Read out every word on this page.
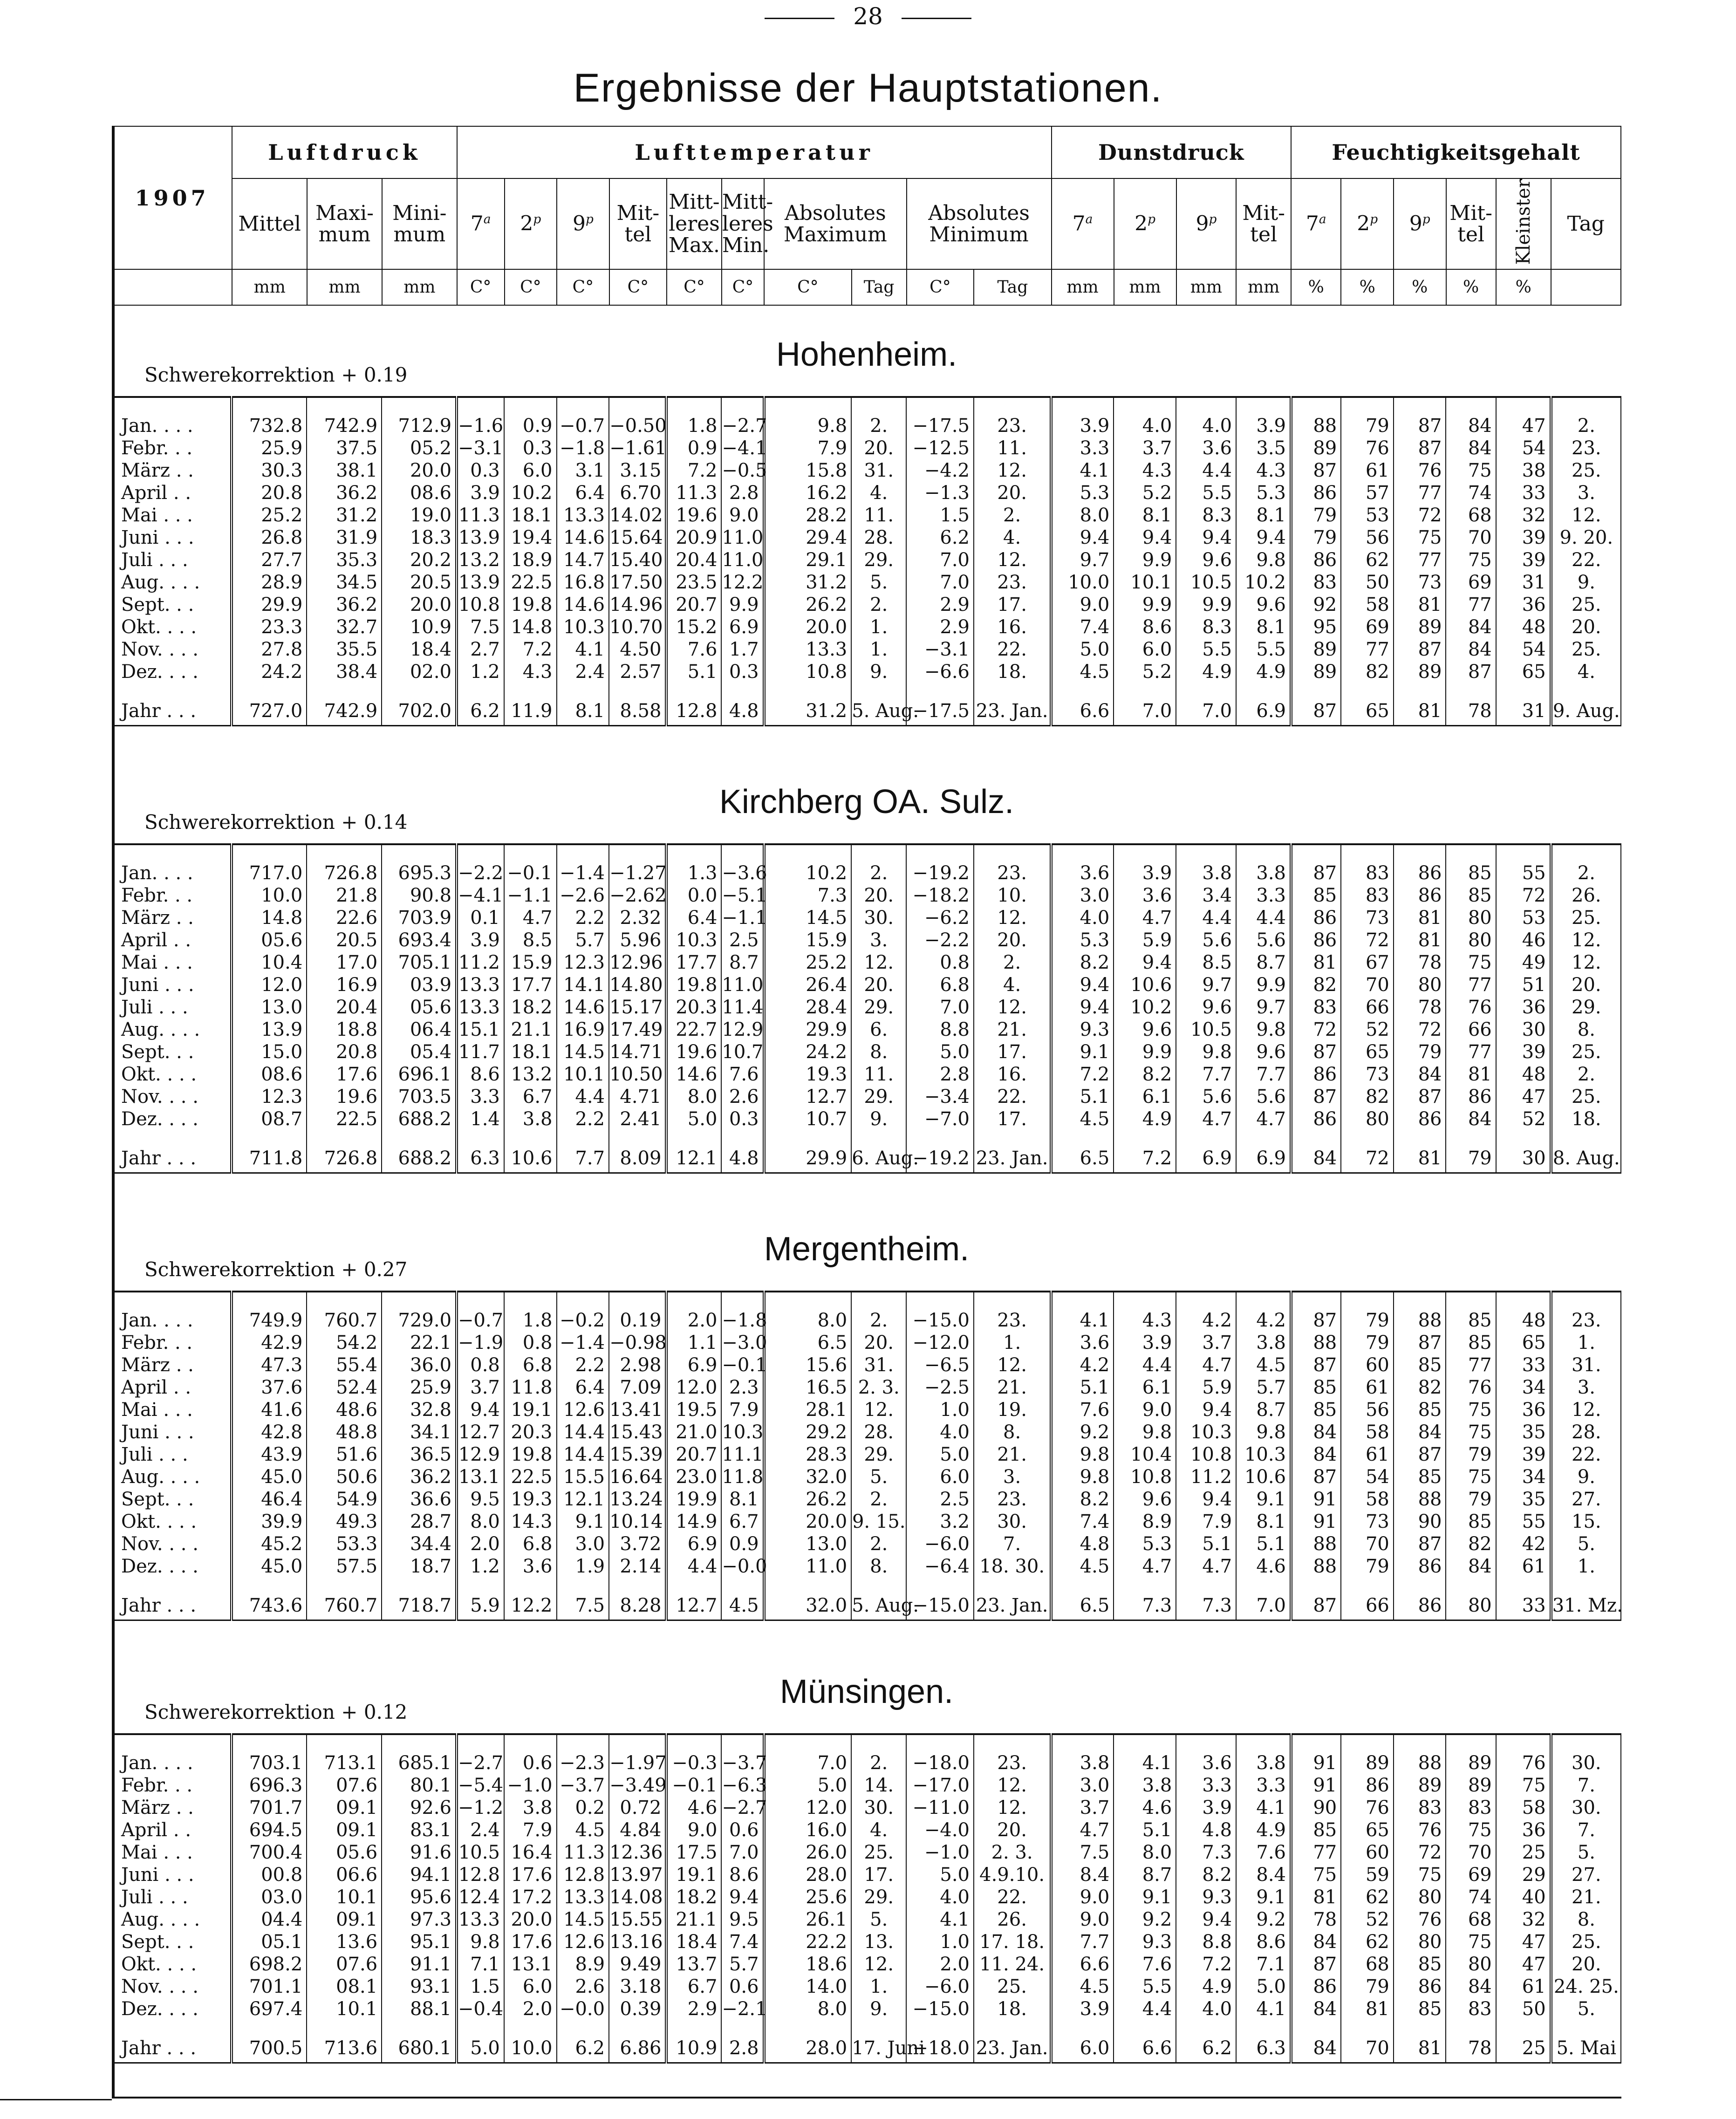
28
Ergebnisse der Hauptstationen.
1907	Luftdruck			Lufttemperatur										Dunstdruck				Feuchtigkeitsgehalt					
	Mittel	Maxi-mum	Mini-mum	7$^a$	2$^p$	9$^p$	Mit-tel	Mitt-leres Max.	Mitt-leres Min.	Absolutes Maximum		Absolutes Minimum		7$^a$	2$^p$	9$^p$	Mit-tel	7$^a$	2$^p$	9$^p$	Mit-tel	Kleinster	Tag
	mm	mm	mm	C°	C°	C°	C°	C°	C°	C°	Tag	C°	Tag	mm	mm	mm	mm	%	%	%	%	%	
Hohenheim.
Schwerekorrektion + 0.19

Jan. . . .	732.8	742.9	712.9	−1.6	0.9	−0.7	−0.50	1.8	−2.7	9.8	2.	−17.5	23.	3.9	4.0	4.0	3.9	88	79	87	84	47	2.
Febr. . .	25.9	37.5	05.2	−3.1	0.3	−1.8	−1.61	0.9	−4.1	7.9	20.	−12.5	11.	3.3	3.7	3.6	3.5	89	76	87	84	54	23.
März . .	30.3	38.1	20.0	0.3	6.0	3.1	3.15	7.2	−0.5	15.8	31.	−4.2	12.	4.1	4.3	4.4	4.3	87	61	76	75	38	25.
April . .	20.8	36.2	08.6	3.9	10.2	6.4	6.70	11.3	2.8	16.2	4.	−1.3	20.	5.3	5.2	5.5	5.3	86	57	77	74	33	3.
Mai . . .	25.2	31.2	19.0	11.3	18.1	13.3	14.02	19.6	9.0	28.2	11.	1.5	2.	8.0	8.1	8.3	8.1	79	53	72	68	32	12.
Juni . . .	26.8	31.9	18.3	13.9	19.4	14.6	15.64	20.9	11.0	29.4	28.	6.2	4.	9.4	9.4	9.4	9.4	79	56	75	70	39	9. 20.
Juli . . .	27.7	35.3	20.2	13.2	18.9	14.7	15.40	20.4	11.0	29.1	29.	7.0	12.	9.7	9.9	9.6	9.8	86	62	77	75	39	22.
Aug. . . .	28.9	34.5	20.5	13.9	22.5	16.8	17.50	23.5	12.2	31.2	5.	7.0	23.	10.0	10.1	10.5	10.2	83	50	73	69	31	9.
Sept. . .	29.9	36.2	20.0	10.8	19.8	14.6	14.96	20.7	9.9	26.2	2.	2.9	17.	9.0	9.9	9.9	9.6	92	58	81	77	36	25.
Okt. . . .	23.3	32.7	10.9	7.5	14.8	10.3	10.70	15.2	6.9	20.0	1.	2.9	16.	7.4	8.6	8.3	8.1	95	69	89	84	48	20.
Nov. . . .	27.8	35.5	18.4	2.7	7.2	4.1	4.50	7.6	1.7	13.3	1.	−3.1	22.	5.0	6.0	5.5	5.5	89	77	87	84	54	25.
Dez. . . .	24.2	38.4	02.0	1.2	4.3	2.4	2.57	5.1	0.3	10.8	9.	−6.6	18.	4.5	5.2	4.9	4.9	89	82	89	87	65	4.

Jahr . . .	727.0	742.9	702.0	6.2	11.9	8.1	8.58	12.8	4.8	31.2	5. Aug.	−17.5	23. Jan.	6.6	7.0	7.0	6.9	87	65	81	78	31	9. Aug.
Kirchberg OA. Sulz.
Schwerekorrektion + 0.14

Jan. . . .	717.0	726.8	695.3	−2.2	−0.1	−1.4	−1.27	1.3	−3.6	10.2	2.	−19.2	23.	3.6	3.9	3.8	3.8	87	83	86	85	55	2.
Febr. . .	10.0	21.8	90.8	−4.1	−1.1	−2.6	−2.62	0.0	−5.1	7.3	20.	−18.2	10.	3.0	3.6	3.4	3.3	85	83	86	85	72	26.
März . .	14.8	22.6	703.9	0.1	4.7	2.2	2.32	6.4	−1.1	14.5	30.	−6.2	12.	4.0	4.7	4.4	4.4	86	73	81	80	53	25.
April . .	05.6	20.5	693.4	3.9	8.5	5.7	5.96	10.3	2.5	15.9	3.	−2.2	20.	5.3	5.9	5.6	5.6	86	72	81	80	46	12.
Mai . . .	10.4	17.0	705.1	11.2	15.9	12.3	12.96	17.7	8.7	25.2	12.	0.8	2.	8.2	9.4	8.5	8.7	81	67	78	75	49	12.
Juni . . .	12.0	16.9	03.9	13.3	17.7	14.1	14.80	19.8	11.0	26.4	20.	6.8	4.	9.4	10.6	9.7	9.9	82	70	80	77	51	20.
Juli . . .	13.0	20.4	05.6	13.3	18.2	14.6	15.17	20.3	11.4	28.4	29.	7.0	12.	9.4	10.2	9.6	9.7	83	66	78	76	36	29.
Aug. . . .	13.9	18.8	06.4	15.1	21.1	16.9	17.49	22.7	12.9	29.9	6.	8.8	21.	9.3	9.6	10.5	9.8	72	52	72	66	30	8.
Sept. . .	15.0	20.8	05.4	11.7	18.1	14.5	14.71	19.6	10.7	24.2	8.	5.0	17.	9.1	9.9	9.8	9.6	87	65	79	77	39	25.
Okt. . . .	08.6	17.6	696.1	8.6	13.2	10.1	10.50	14.6	7.6	19.3	11.	2.8	16.	7.2	8.2	7.7	7.7	86	73	84	81	48	2.
Nov. . . .	12.3	19.6	703.5	3.3	6.7	4.4	4.71	8.0	2.6	12.7	29.	−3.4	22.	5.1	6.1	5.6	5.6	87	82	87	86	47	25.
Dez. . . .	08.7	22.5	688.2	1.4	3.8	2.2	2.41	5.0	0.3	10.7	9.	−7.0	17.	4.5	4.9	4.7	4.7	86	80	86	84	52	18.

Jahr . . .	711.8	726.8	688.2	6.3	10.6	7.7	8.09	12.1	4.8	29.9	6. Aug.	−19.2	23. Jan.	6.5	7.2	6.9	6.9	84	72	81	79	30	8. Aug.
Mergentheim.
Schwerekorrektion + 0.27

Jan. . . .	749.9	760.7	729.0	−0.7	1.8	−0.2	0.19	2.0	−1.8	8.0	2.	−15.0	23.	4.1	4.3	4.2	4.2	87	79	88	85	48	23.
Febr. . .	42.9	54.2	22.1	−1.9	0.8	−1.4	−0.98	1.1	−3.0	6.5	20.	−12.0	1.	3.6	3.9	3.7	3.8	88	79	87	85	65	1.
März . .	47.3	55.4	36.0	0.8	6.8	2.2	2.98	6.9	−0.1	15.6	31.	−6.5	12.	4.2	4.4	4.7	4.5	87	60	85	77	33	31.
April . .	37.6	52.4	25.9	3.7	11.8	6.4	7.09	12.0	2.3	16.5	2. 3.	−2.5	21.	5.1	6.1	5.9	5.7	85	61	82	76	34	3.
Mai . . .	41.6	48.6	32.8	9.4	19.1	12.6	13.41	19.5	7.9	28.1	12.	1.0	19.	7.6	9.0	9.4	8.7	85	56	85	75	36	12.
Juni . . .	42.8	48.8	34.1	12.7	20.3	14.4	15.43	21.0	10.3	29.2	28.	4.0	8.	9.2	9.8	10.3	9.8	84	58	84	75	35	28.
Juli . . .	43.9	51.6	36.5	12.9	19.8	14.4	15.39	20.7	11.1	28.3	29.	5.0	21.	9.8	10.4	10.8	10.3	84	61	87	79	39	22.
Aug. . . .	45.0	50.6	36.2	13.1	22.5	15.5	16.64	23.0	11.8	32.0	5.	6.0	3.	9.8	10.8	11.2	10.6	87	54	85	75	34	9.
Sept. . .	46.4	54.9	36.6	9.5	19.3	12.1	13.24	19.9	8.1	26.2	2.	2.5	23.	8.2	9.6	9.4	9.1	91	58	88	79	35	27.
Okt. . . .	39.9	49.3	28.7	8.0	14.3	9.1	10.14	14.9	6.7	20.0	9. 15.	3.2	30.	7.4	8.9	7.9	8.1	91	73	90	85	55	15.
Nov. . . .	45.2	53.3	34.4	2.0	6.8	3.0	3.72	6.9	0.9	13.0	2.	−6.0	7.	4.8	5.3	5.1	5.1	88	70	87	82	42	5.
Dez. . . .	45.0	57.5	18.7	1.2	3.6	1.9	2.14	4.4	−0.0	11.0	8.	−6.4	18. 30.	4.5	4.7	4.7	4.6	88	79	86	84	61	1.

Jahr . . .	743.6	760.7	718.7	5.9	12.2	7.5	8.28	12.7	4.5	32.0	5. Aug.	−15.0	23. Jan.	6.5	7.3	7.3	7.0	87	66	86	80	33	31. Mz.
Münsingen.
Schwerekorrektion + 0.12

Jan. . . .	703.1	713.1	685.1	−2.7	0.6	−2.3	−1.97	−0.3	−3.7	7.0	2.	−18.0	23.	3.8	4.1	3.6	3.8	91	89	88	89	76	30.
Febr. . .	696.3	07.6	80.1	−5.4	−1.0	−3.7	−3.49	−0.1	−6.3	5.0	14.	−17.0	12.	3.0	3.8	3.3	3.3	91	86	89	89	75	7.
März . .	701.7	09.1	92.6	−1.2	3.8	0.2	0.72	4.6	−2.7	12.0	30.	−11.0	12.	3.7	4.6	3.9	4.1	90	76	83	83	58	30.
April . .	694.5	09.1	83.1	2.4	7.9	4.5	4.84	9.0	0.6	16.0	4.	−4.0	20.	4.7	5.1	4.8	4.9	85	65	76	75	36	7.
Mai . . .	700.4	05.6	91.6	10.5	16.4	11.3	12.36	17.5	7.0	26.0	25.	−1.0	2. 3.	7.5	8.0	7.3	7.6	77	60	72	70	25	5.
Juni . . .	00.8	06.6	94.1	12.8	17.6	12.8	13.97	19.1	8.6	28.0	17.	5.0	4.9.10.	8.4	8.7	8.2	8.4	75	59	75	69	29	27.
Juli . . .	03.0	10.1	95.6	12.4	17.2	13.3	14.08	18.2	9.4	25.6	29.	4.0	22.	9.0	9.1	9.3	9.1	81	62	80	74	40	21.
Aug. . . .	04.4	09.1	97.3	13.3	20.0	14.5	15.55	21.1	9.5	26.1	5.	4.1	26.	9.0	9.2	9.4	9.2	78	52	76	68	32	8.
Sept. . .	05.1	13.6	95.1	9.8	17.6	12.6	13.16	18.4	7.4	22.2	13.	1.0	17. 18.	7.7	9.3	8.8	8.6	84	62	80	75	47	25.
Okt. . . .	698.2	07.6	91.1	7.1	13.1	8.9	9.49	13.7	5.7	18.6	12.	2.0	11. 24.	6.6	7.6	7.2	7.1	87	68	85	80	47	20.
Nov. . . .	701.1	08.1	93.1	1.5	6.0	2.6	3.18	6.7	0.6	14.0	1.	−6.0	25.	4.5	5.5	4.9	5.0	86	79	86	84	61	24. 25.
Dez. . . .	697.4	10.1	88.1	−0.4	2.0	−0.0	0.39	2.9	−2.1	8.0	9.	−15.0	18.	3.9	4.4	4.0	4.1	84	81	85	83	50	5.

Jahr . . .	700.5	713.6	680.1	5.0	10.0	6.2	6.86	10.9	2.8	28.0	17. Juni	−18.0	23. Jan.	6.0	6.6	6.2	6.3	84	70	81	78	25	5. Mai
